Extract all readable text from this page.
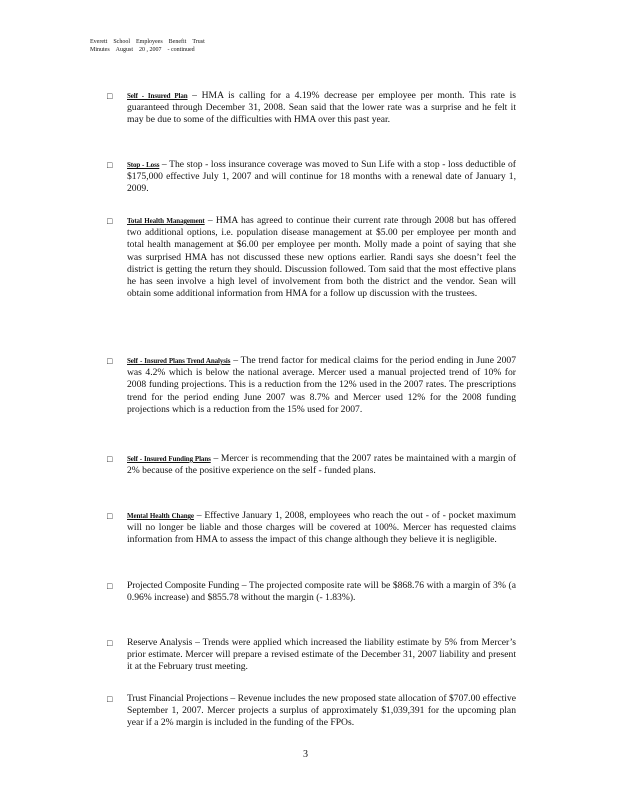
Everett School Employees Benefit Trust
Minutes August 20 , 2007 - continued
□ Self - Insured Plan – HMA is calling for a 4.19% decrease per employee per month. This rate is guaranteed through December 31, 2008. Sean said that the lower rate was a surprise and he felt it may be due to some of the difficulties with HMA over this past year.
□ Stop - Loss – The stop - loss insurance coverage was moved to Sun Life with a stop - loss deductible of $175,000 effective July 1, 2007 and will continue for 18 months with a renewal date of January 1, 2009.
□ Total Health Management – HMA has agreed to continue their current rate through 2008 but has offered two additional options, i.e. population disease management at $5.00 per employee per month and total health management at $6.00 per employee per month. Molly made a point of saying that she was surprised HMA has not discussed these new options earlier. Randi says she doesn’t feel the district is getting the return they should. Discussion followed. Tom said that the most effective plans he has seen involve a high level of involvement from both the district and the vendor. Sean will obtain some additional information from HMA for a follow up discussion with the trustees.
□ Self - Insured Plans Trend Analysis – The trend factor for medical claims for the period ending in June 2007 was 4.2% which is below the national average. Mercer used a manual projected trend of 10% for 2008 funding projections. This is a reduction from the 12% used in the 2007 rates. The prescriptions trend for the period ending June 2007 was 8.7% and Mercer used 12% for the 2008 funding projections which is a reduction from the 15% used for 2007.
□ Self - Insured Funding Plans – Mercer is recommending that the 2007 rates be maintained with a margin of 2% because of the positive experience on the self - funded plans.
□ Mental Health Change – Effective January 1, 2008, employees who reach the out - of - pocket maximum will no longer be liable and those charges will be covered at 100%. Mercer has requested claims information from HMA to assess the impact of this change although they believe it is negligible.
□ Projected Composite Funding – The projected composite rate will be $868.76 with a margin of 3% (a 0.96% increase) and $855.78 without the margin (- 1.83%).
□ Reserve Analysis – Trends were applied which increased the liability estimate by 5% from Mercer’s prior estimate. Mercer will prepare a revised estimate of the December 31, 2007 liability and present it at the February trust meeting.
□ Trust Financial Projections – Revenue includes the new proposed state allocation of $707.00 effective September 1, 2007. Mercer projects a surplus of approximately $1,039,391 for the upcoming plan year if a 2% margin is included in the funding of the FPOs.
3
